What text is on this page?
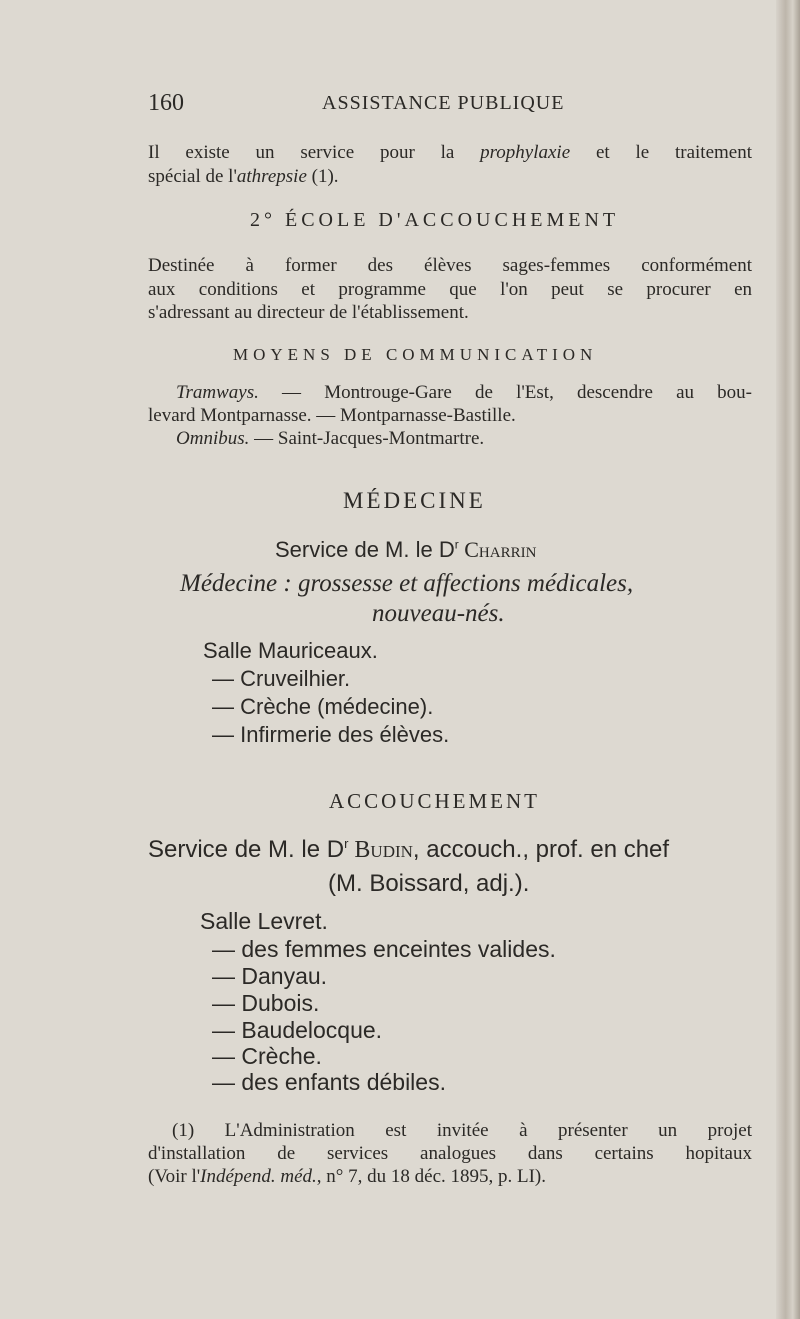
160	ASSISTANCE PUBLIQUE
Il existe un service pour la prophylaxie et le traitement
spécial de l'athrepsie (1).
2° ÉCOLE D'ACCOUCHEMENT
Destinée à former des élèves sages-femmes conformément
aux conditions et programme que l'on peut se procurer en
s'adressant au directeur de l'établissement.
MOYENS DE COMMUNICATION
Tramways. — Montrouge-Gare de l'Est, descendre au bou-
levard Montparnasse. — Montparnasse-Bastille.
Omnibus. — Saint-Jacques-Montmartre.
MÉDECINE
Service de M. le $D^r$ Charrin
Médecine : grossesse et affections médicales,
nouveau-nés.
Salle Mauriceaux.
— Cruveilhier.
— Crèche (médecine).
— Infirmerie des élèves.
ACCOUCHEMENT
Service de M. le $D^r$ Budin, accouch., prof. en chef
(M. Boissard, adj.).
Salle Levret.
— des femmes enceintes valides.
— Danyau.
— Dubois.
— Baudelocque.
— Crèche.
— des enfants débiles.
(1) L'Administration est invitée à présenter un projet
d'installation de services analogues dans certains hopitaux
(Voir l'Indépend. méd., n° 7, du 18 déc. 1895, p. LI).
